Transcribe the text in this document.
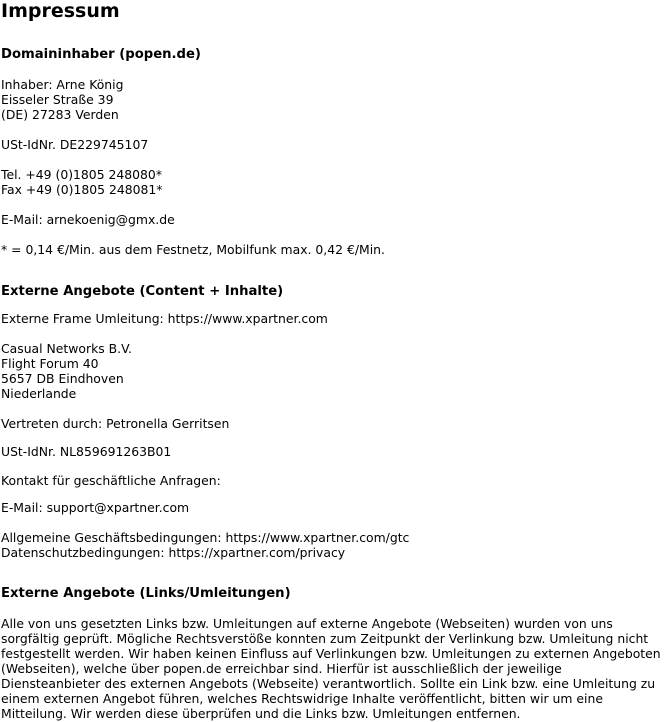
Impressum
Domaininhaber (popen.de)
Inhaber: Arne König
Eisseler Straße 39
(DE) 27283 Verden
USt-IdNr. DE229745107
Tel. +49 (0)1805 248080*
Fax +49 (0)1805 248081*
E-Mail: arnekoenig@gmx.de
* = 0,14 €/Min. aus dem Festnetz, Mobilfunk max. 0,42 €/Min.
Externe Angebote (Content + Inhalte)
Externe Frame Umleitung: https://www.xpartner.com
Casual Networks B.V.
Flight Forum 40
5657 DB Eindhoven
Niederlande
Vertreten durch: Petronella Gerritsen
USt-IdNr. NL859691263B01
Kontakt für geschäftliche Anfragen:
E-Mail: support@xpartner.com
Allgemeine Geschäftsbedingungen: https://www.xpartner.com/gtc
Datenschutzbedingungen: https://xpartner.com/privacy
Externe Angebote (Links/Umleitungen)
Alle von uns gesetzten Links bzw. Umleitungen auf externe Angebote (Webseiten) wurden von uns sorgfältig geprüft. Mögliche Rechtsverstöße konnten zum Zeitpunkt der Verlinkung bzw. Umleitung nicht festgestellt werden. Wir haben keinen Einfluss auf Verlinkungen bzw. Umleitungen zu externen Angeboten (Webseiten), welche über popen.de erreichbar sind. Hierfür ist ausschließlich der jeweilige Diensteanbieter des externen Angebots (Webseite) verantwortlich. Sollte ein Link bzw. eine Umleitung zu einem externen Angebot führen, welches Rechtswidrige Inhalte veröffentlicht, bitten wir um eine Mitteilung. Wir werden diese überprüfen und die Links bzw. Umleitungen entfernen.
